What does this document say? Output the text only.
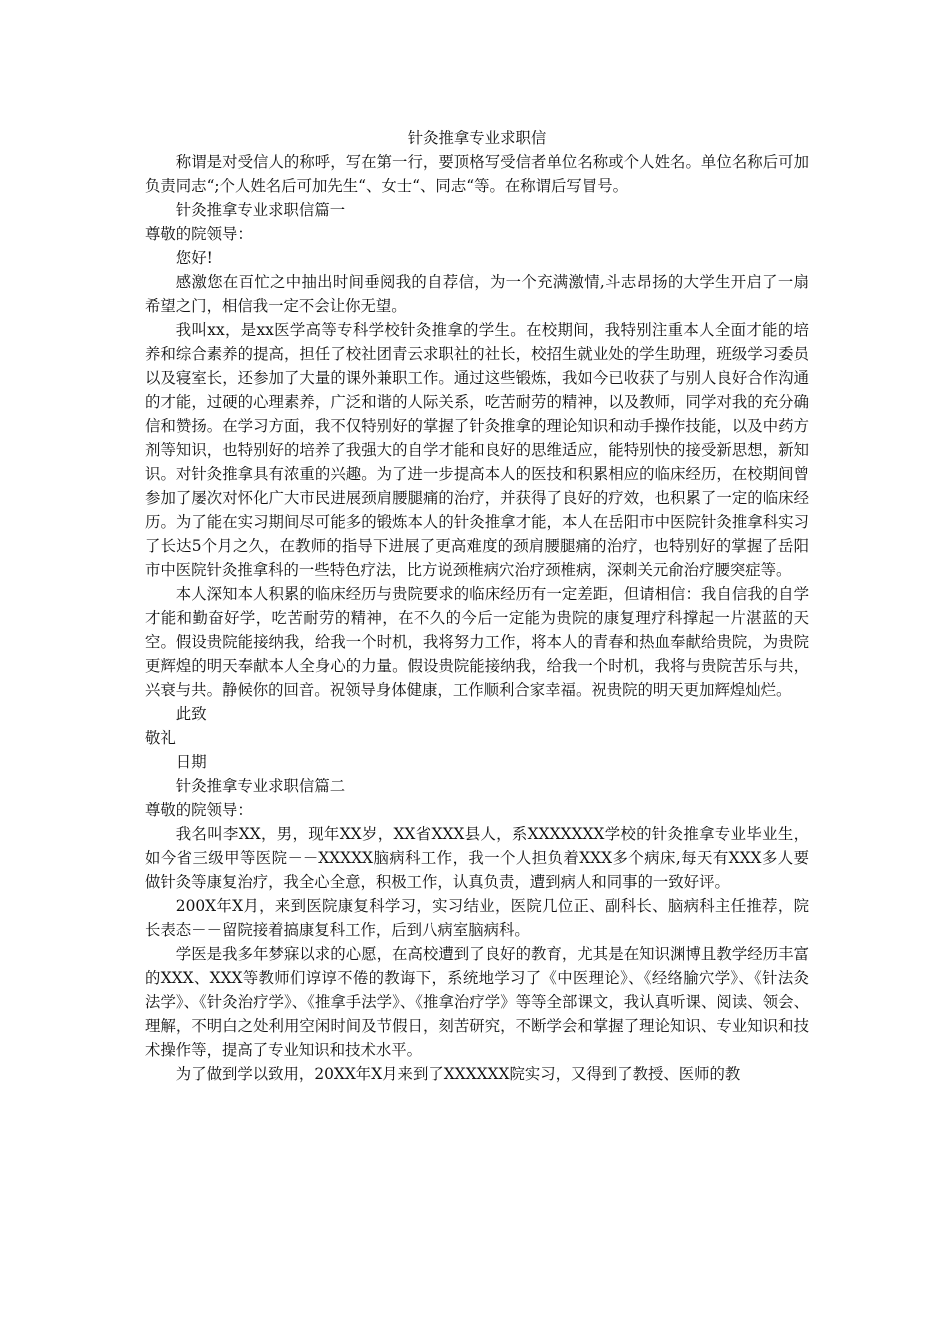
针灸推拿专业求职信
称谓是对受信人的称呼，写在第一行，要顶格写受信者单位名称或个人姓名。单位名称后可加负责同志“;个人姓名后可加先生“、女士“、同志“等。在称谓后写冒号。
针灸推拿专业求职信篇一
尊敬的院领导：
您好!
感激您在百忙之中抽出时间垂阅我的自荐信，为一个充满激情,斗志昂扬的大学生开启了一扇希望之门，相信我一定不会让你无望。
我叫xx，是xx医学高等专科学校针灸推拿的学生。在校期间，我特别注重本人全面才能的培养和综合素养的提高，担任了校社团青云求职社的社长，校招生就业处的学生助理，班级学习委员以及寝室长，还参加了大量的课外兼职工作。通过这些锻炼，我如今已收获了与别人良好合作沟通的才能，过硬的心理素养，广泛和谐的人际关系，吃苦耐劳的精神，以及教师，同学对我的充分确信和赞扬。在学习方面，我不仅特别好的掌握了针灸推拿的理论知识和动手操作技能，以及中药方剂等知识，也特别好的培养了我强大的自学才能和良好的思维适应，能特别快的接受新思想，新知识。对针灸推拿具有浓重的兴趣。为了进一步提高本人的医技和积累相应的临床经历，在校期间曾参加了屡次对怀化广大市民进展颈肩腰腿痛的治疗，并获得了良好的疗效，也积累了一定的临床经历。为了能在实习期间尽可能多的锻炼本人的针灸推拿才能，本人在岳阳市中医院针灸推拿科实习了长达5个月之久，在教师的指导下进展了更高难度的颈肩腰腿痛的治疗，也特别好的掌握了岳阳市中医院针灸推拿科的一些特色疗法，比方说颈椎病穴治疗颈椎病，深刺关元俞治疗腰突症等。
本人深知本人积累的临床经历与贵院要求的临床经历有一定差距，但请相信：我自信我的自学才能和勤奋好学，吃苦耐劳的精神，在不久的今后一定能为贵院的康复理疗科撑起一片湛蓝的天空。假设贵院能接纳我，给我一个时机，我将努力工作，将本人的青春和热血奉献给贵院，为贵院更辉煌的明天奉献本人全身心的力量。假设贵院能接纳我，给我一个时机，我将与贵院苦乐与共，兴衰与共。静候你的回音。祝领导身体健康，工作顺利合家幸福。祝贵院的明天更加辉煌灿烂。
此致
敬礼
日期
针灸推拿专业求职信篇二
尊敬的院领导：
我名叫李XX，男，现年XX岁，XX省XXX县人，系XXXXXXX学校的针灸推拿专业毕业生，如今省三级甲等医院－－XXXXX脑病科工作，我一个人担负着XXX多个病床,每天有XXX多人要做针灸等康复治疗，我全心全意，积极工作，认真负责，遭到病人和同事的一致好评。
200X年X月，来到医院康复科学习，实习结业，医院几位正、副科长、脑病科主任推荐，院长表态－－留院接着搞康复科工作，后到八病室脑病科。
学医是我多年梦寐以求的心愿，在高校遭到了良好的教育，尤其是在知识渊博且教学经历丰富的XXX、XXX等教师们谆谆不倦的教诲下，系统地学习了《中医理论》、《经络腧穴学》、《针法灸法学》、《针灸治疗学》、《推拿手法学》、《推拿治疗学》等等全部课文，我认真听课、阅读、领会、理解，不明白之处利用空闲时间及节假日，刻苦研究，不断学会和掌握了理论知识、专业知识和技术操作等，提高了专业知识和技术水平。
为了做到学以致用，20XX年X月来到了XXXXXX院实习，又得到了教授、医师的教
